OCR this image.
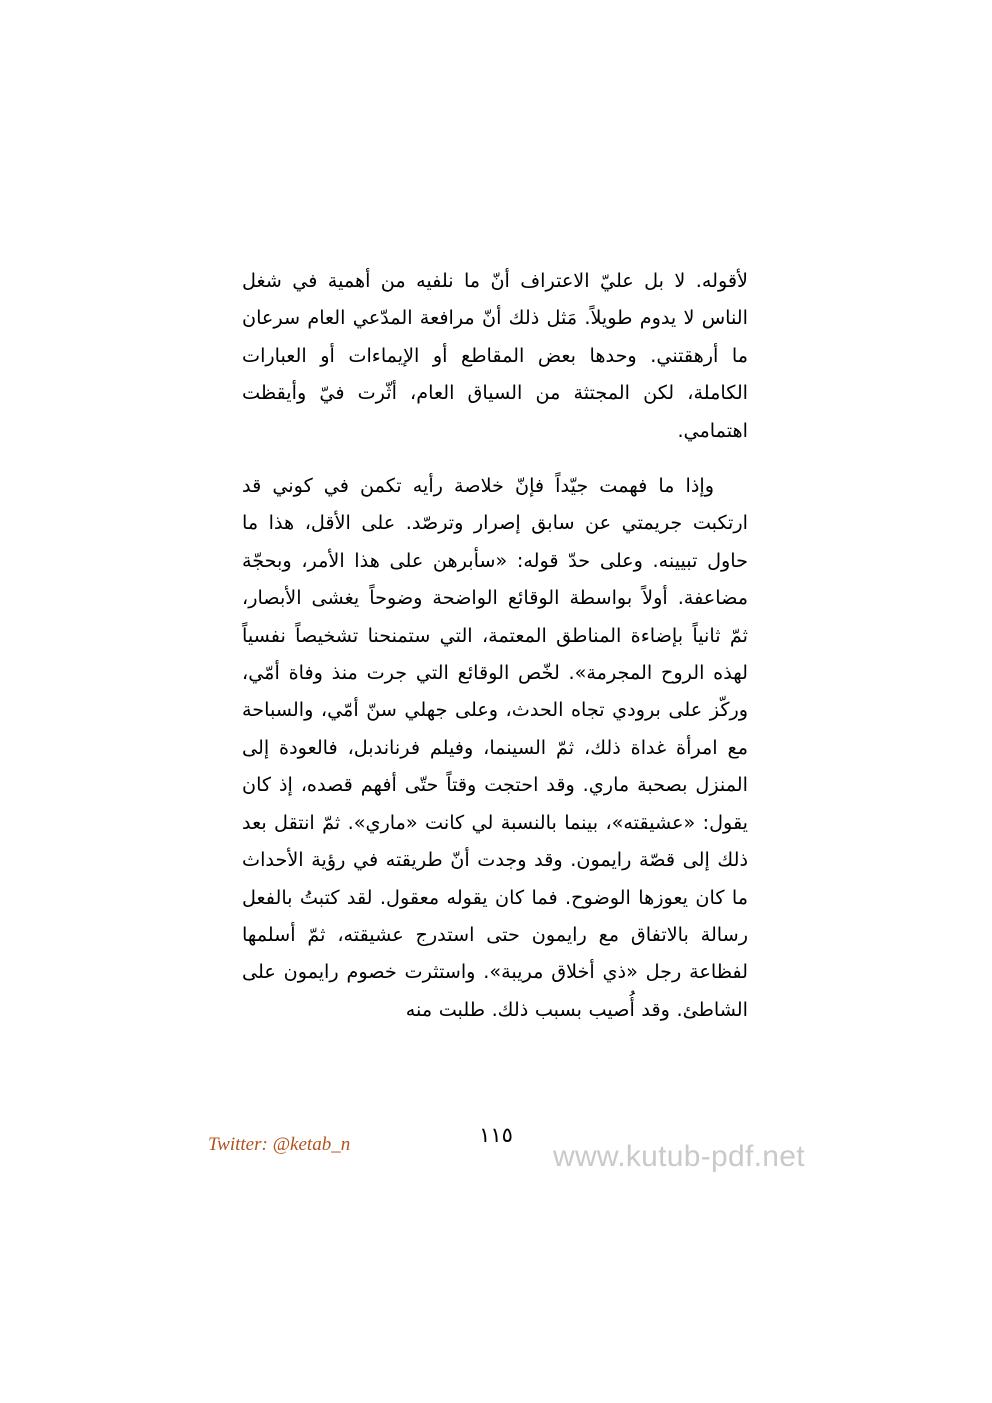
لأقوله. لا بل عليّ الاعتراف أنّ ما نلفيه من أهمية في شغل الناس لا يدوم طويلاً. مَثل ذلك أنّ مرافعة المدّعي العام سرعان ما أرهقتني. وحدها بعض المقاطع أو الإيماءات أو العبارات الكاملة، لكن المجتثة من السياق العام، أثّرت فيّ وأيقظت اهتمامي.

وإذا ما فهمت جيّداً فإنّ خلاصة رأيه تكمن في كوني قد ارتكبت جريمتي عن سابق إصرار وترصّد. على الأقل، هذا ما حاول تبيينه. وعلى حدّ قوله: «سأبرهن على هذا الأمر، وبحجّة مضاعفة. أولاً بواسطة الوقائع الواضحة وضوحاً يغشى الأبصار، ثمّ ثانياً بإضاءة المناطق المعتمة، التي ستمنحنا تشخيصاً نفسياً لهذه الروح المجرمة». لخّص الوقائع التي جرت منذ وفاة أمّي، وركّز على برودي تجاه الحدث، وعلى جهلي سنّ أمّي، والسباحة مع امرأة غداة ذلك، ثمّ السينما، وفيلم فرناندبل، فالعودة إلى المنزل بصحبة ماري. وقد احتجت وقتاً حتّى أفهم قصده، إذ كان يقول: «عشيقته»، بينما بالنسبة لي كانت «ماري». ثمّ انتقل بعد ذلك إلى قصّة رايمون. وقد وجدت أنّ طريقته في رؤية الأحداث ما كان يعوزها الوضوح. فما كان يقوله معقول. لقد كتبتُ بالفعل رسالة بالاتفاق مع رايمون حتى استدرج عشيقته، ثمّ أسلمها لفظاعة رجل «ذي أخلاق مريبة». واستثرت خصوم رايمون على الشاطئ. وقد أُصيب بسبب ذلك. طلبت منه

Twitter: @ketab_n	١١٥
www.kutub-pdf.net
